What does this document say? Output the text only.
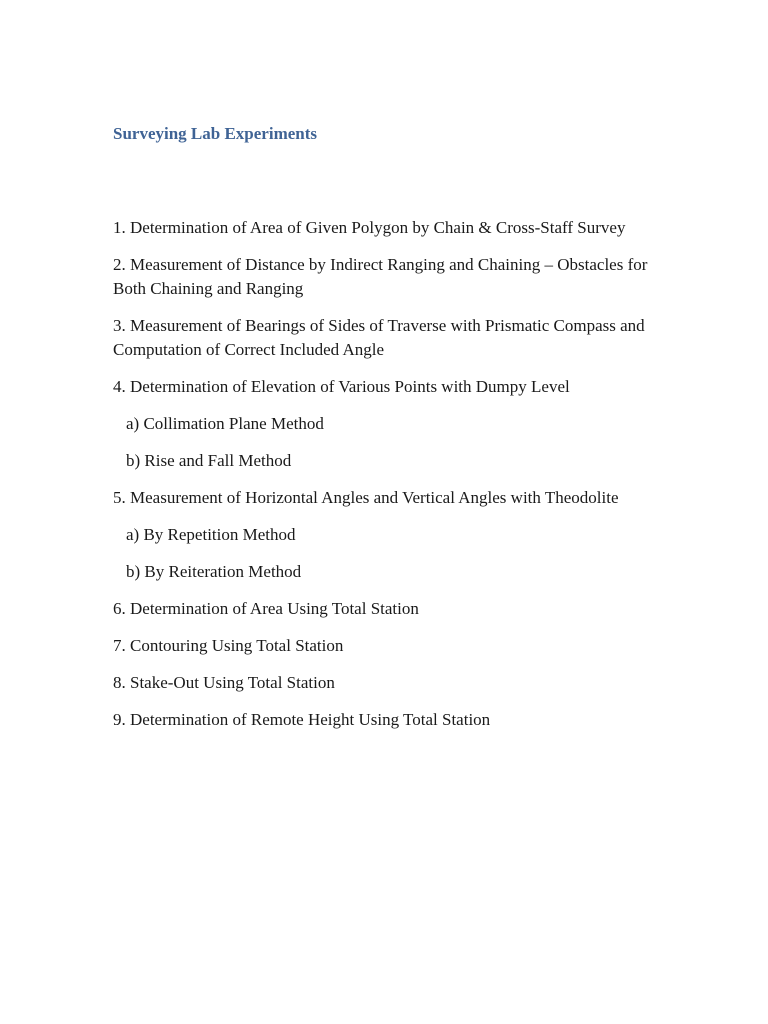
Surveying Lab Experiments
1. Determination of Area of Given Polygon by Chain & Cross-Staff Survey
2. Measurement of Distance by Indirect Ranging and Chaining – Obstacles for Both Chaining and Ranging
3. Measurement of Bearings of Sides of Traverse with Prismatic Compass and Computation of Correct Included Angle
4. Determination of Elevation of Various Points with Dumpy Level
a) Collimation Plane Method
b) Rise and Fall Method
5. Measurement of Horizontal Angles and Vertical Angles with Theodolite
a) By Repetition Method
b) By Reiteration Method
6. Determination of Area Using Total Station
7. Contouring Using Total Station
8. Stake-Out Using Total Station
9. Determination of Remote Height Using Total Station
